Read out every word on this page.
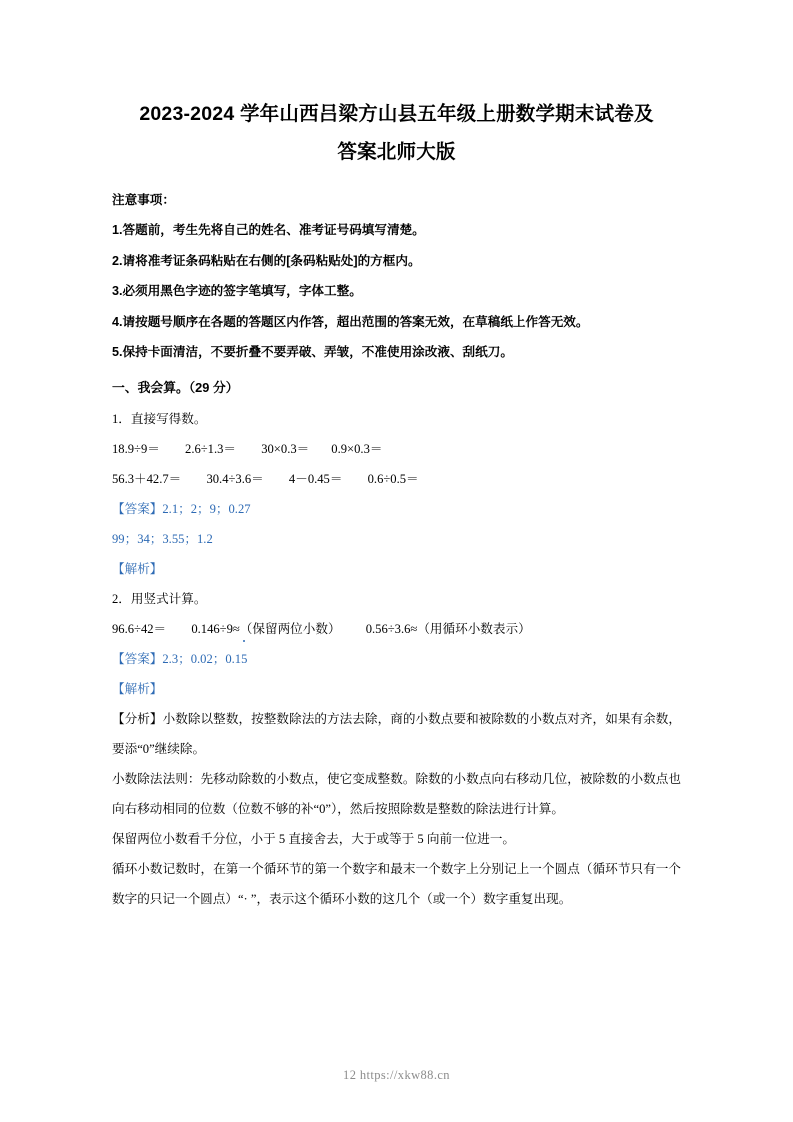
2023-2024 学年山西吕梁方山县五年级上册数学期末试卷及
答案北师大版

注意事项：

1.答题前，考生先将自己的姓名、准考证号码填写清楚。

2.请将准考证条码粘贴在右侧的[条码粘贴处]的方框内。

3.必须用黑色字迹的签字笔填写，字体工整。

4.请按题号顺序在各题的答题区内作答，超出范围的答案无效，在草稿纸上作答无效。

5.保持卡面清洁，不要折叠不要弄破、弄皱，不准使用涂改液、刮纸刀。

一、我会算。（29 分）

1．直接写得数。

18.9÷9＝        2.6÷1.3＝        30×0.3＝       0.9×0.3＝

56.3＋42.7＝        30.4÷3.6＝        4－0.45＝        0.6÷0.5＝

【答案】2.1；2；9；0.27

99；34；3.55；1.2

【解析】

2．用竖式计算。

96.6÷42＝        0.146÷9≈（保留两位小数）        0.56÷3.6≈（用循环小数表示）

【答案】2.3；0.02；0.15

【解析】

【分析】小数除以整数，按整数除法的方法去除，商的小数点要和被除数的小数点对齐，如果有余数，要添“0”继续除。

小数除法法则：先移动除数的小数点，使它变成整数。除数的小数点向右移动几位，被除数的小数点也向右移动相同的位数（位数不够的补“0”），然后按照除数是整数的除法进行计算。

保留两位小数看千分位，小于 5 直接舍去，大于或等于 5 向前一位进一。

循环小数记数时，在第一个循环节的第一个数字和最末一个数字上分别记上一个圆点（循环节只有一个数字的只记一个圆点）“· ”，表示这个循环小数的这几个（或一个）数字重复出现。

12 https://xkw88.cn
